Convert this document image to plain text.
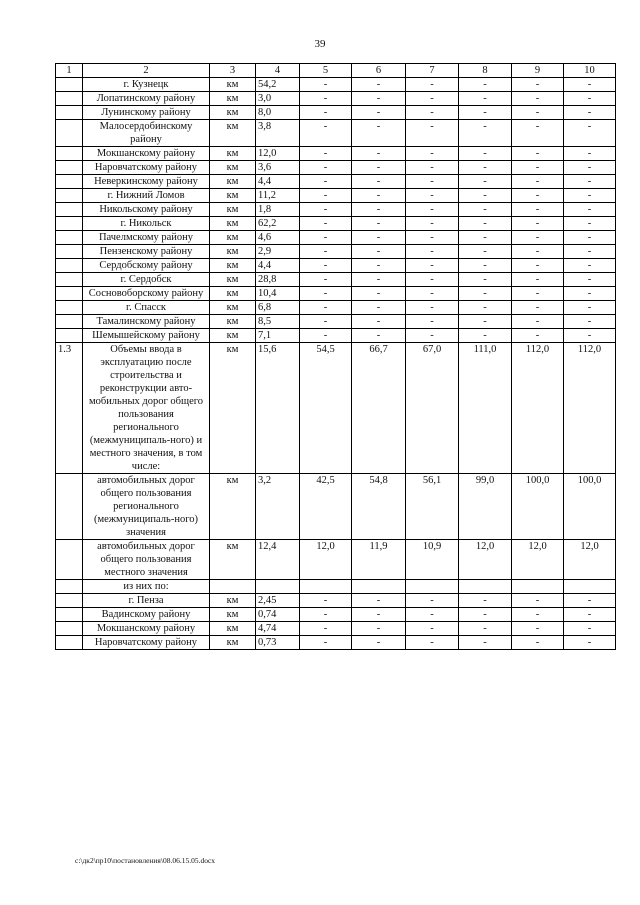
39
1	2	3	4	5	6	7	8	9	10
	г. Кузнецк	км	54,2	-	-	-	-	-	-
	Лопатинскому району	км	3,0	-	-	-	-	-	-
	Лунинскому району	км	8,0	-	-	-	-	-	-
	Малосердобинскому району	км	3,8	-	-	-	-	-	-
	Мокшанскому району	км	12,0	-	-	-	-	-	-
	Наровчатскому району	км	3,6	-	-	-	-	-	-
	Неверкинскому району	км	4,4	-	-	-	-	-	-
	г. Нижний Ломов	км	11,2	-	-	-	-	-	-
	Никольскому району	км	1,8	-	-	-	-	-	-
	г. Никольск	км	62,2	-	-	-	-	-	-
	Пачелмскому району	км	4,6	-	-	-	-	-	-
	Пензенскому району	км	2,9	-	-	-	-	-	-
	Сердобскому району	км	4,4	-	-	-	-	-	-
	г. Сердобск	км	28,8	-	-	-	-	-	-
	Сосновоборскому району	км	10,4	-	-	-	-	-	-
	г. Спасск	км	6,8	-	-	-	-	-	-
	Тамалинскому району	км	8,5	-	-	-	-	-	-
	Шемышейскому району	км	7,1	-	-	-	-	-	-
1.3	Объемы ввода в эксплуатацию после строительства и реконструкции авто-мобильных дорог общего пользования регионального (межмуниципаль-ного) и местного значения, в том числе:	км	15,6	54,5	66,7	67,0	111,0	112,0	112,0
	автомобильных дорог общего пользования регионального (межмуниципаль-ного) значения	км	3,2	42,5	54,8	56,1	99,0	100,0	100,0
	автомобильных дорог общего пользования местного значения	км	12,4	12,0	11,9	10,9	12,0	12,0	12,0
	из них по:								
	г. Пенза	км	2,45	-	-	-	-	-	-
	Вадинскому району	км	0,74	-	-	-	-	-	-
	Мокшанскому району	км	4,74	-	-	-	-	-	-
	Наровчатскому району	км	0,73	-	-	-	-	-	-
c:\дк2\пр10\постановления\08.06.15.05.docx
